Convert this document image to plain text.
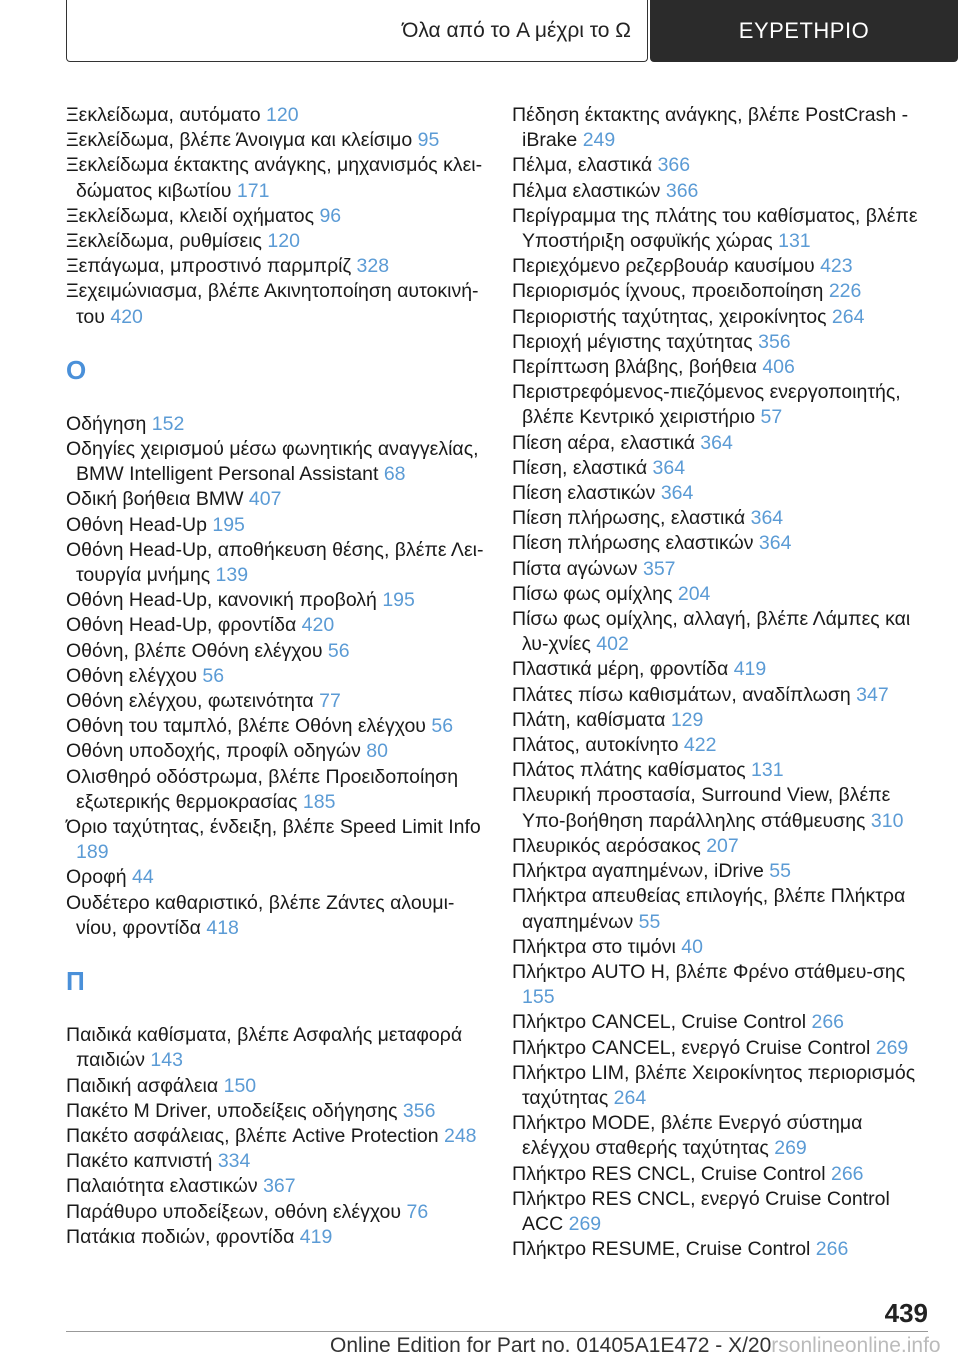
Όλα από το A μέχρι το Ω	ΕΥΡΕΤΗΡΙΟ
Ξεκλείδωμα, αυτόματο 120
Ξεκλείδωμα, βλέπε Άνοιγμα και κλείσιμο 95
Ξεκλείδωμα έκτακτης ανάγκης, μηχανισμός κλει‐δώματος κιβωτίου 171
Ξεκλείδωμα, κλειδί οχήματος 96
Ξεκλείδωμα, ρυθμίσεις 120
Ξεπάγωμα, μπροστινό παρμπρίζ 328
Ξεχειμώνιασμα, βλέπε Ακινητοποίηση αυτοκινή‐του 420
Ο
Οδήγηση 152
Οδηγίες χειρισμού μέσω φωνητικής αναγγελίας, BMW Intelligent Personal Assistant 68
Οδική βοήθεια BMW 407
Οθόνη Head-Up 195
Οθόνη Head-Up, αποθήκευση θέσης, βλέπε Λει‐τουργία μνήμης 139
Οθόνη Head-Up, κανονική προβολή 195
Οθόνη Head-Up, φροντίδα 420
Οθόνη, βλέπε Οθόνη ελέγχου 56
Οθόνη ελέγχου 56
Οθόνη ελέγχου, φωτεινότητα 77
Οθόνη του ταμπλό, βλέπε Οθόνη ελέγχου 56
Οθόνη υποδοχής, προφίλ οδηγών 80
Ολισθηρό οδόστρωμα, βλέπε Προειδοποίηση εξωτερικής θερμοκρασίας 185
Όριο ταχύτητας, ένδειξη, βλέπε Speed Limit Info 189
Οροφή 44
Ουδέτερο καθαριστικό, βλέπε Ζάντες αλουμι‐νίου, φροντίδα 418
Π
Παιδικά καθίσματα, βλέπε Ασφαλής μεταφορά παιδιών 143
Παιδική ασφάλεια 150
Πακέτο M Driver, υποδείξεις οδήγησης 356
Πακέτο ασφάλειας, βλέπε Active Protection 248
Πακέτο καπνιστή 334
Παλαιότητα ελαστικών 367
Παράθυρο υποδείξεων, οθόνη ελέγχου 76
Πατάκια ποδιών, φροντίδα 419
Πέδηση έκτακτης ανάγκης, βλέπε PostCrash - iBrake 249
Πέλμα, ελαστικά 366
Πέλμα ελαστικών 366
Περίγραμμα της πλάτης του καθίσματος, βλέπε Υποστήριξη οσφυϊκής χώρας 131
Περιεχόμενο ρεζερβουάρ καυσίμου 423
Περιορισμός ίχνους, προειδοποίηση 226
Περιοριστής ταχύτητας, χειροκίνητος 264
Περιοχή μέγιστης ταχύτητας 356
Περίπτωση βλάβης, βοήθεια 406
Περιστρεφόμενος-πιεζόμενος ενεργοποιητής, βλέπε Κεντρικό χειριστήριο 57
Πίεση αέρα, ελαστικά 364
Πίεση, ελαστικά 364
Πίεση ελαστικών 364
Πίεση πλήρωσης, ελαστικά 364
Πίεση πλήρωσης ελαστικών 364
Πίστα αγώνων 357
Πίσω φως ομίχλης 204
Πίσω φως ομίχλης, αλλαγή, βλέπε Λάμπες και λυ‐χνίες 402
Πλαστικά μέρη, φροντίδα 419
Πλάτες πίσω καθισμάτων, αναδίπλωση 347
Πλάτη, καθίσματα 129
Πλάτος, αυτοκίνητο 422
Πλάτος πλάτης καθίσματος 131
Πλευρική προστασία, Surround View, βλέπε Υπο‐βοήθηση παράλληλης στάθμευσης 310
Πλευρικός αερόσακος 207
Πλήκτρα αγαπημένων, iDrive 55
Πλήκτρα απευθείας επιλογής, βλέπε Πλήκτρα αγαπημένων 55
Πλήκτρα στο τιμόνι 40
Πλήκτρο AUTO H, βλέπε Φρένο στάθμευ‐σης 155
Πλήκτρο CANCEL, Cruise Control 266
Πλήκτρο CANCEL, ενεργό Cruise Control 269
Πλήκτρο LIM, βλέπε Χειροκίνητος περιορισμός ταχύτητας 264
Πλήκτρο MODE, βλέπε Ενεργό σύστημα ελέγχου σταθερής ταχύτητας 269
Πλήκτρο RES CNCL, Cruise Control 266
Πλήκτρο RES CNCL, ενεργό Cruise Control ACC 269
Πλήκτρο RESUME, Cruise Control 266
439
Online Edition for Part no. 01405A1E472 - X/20rsonlineonline.info
